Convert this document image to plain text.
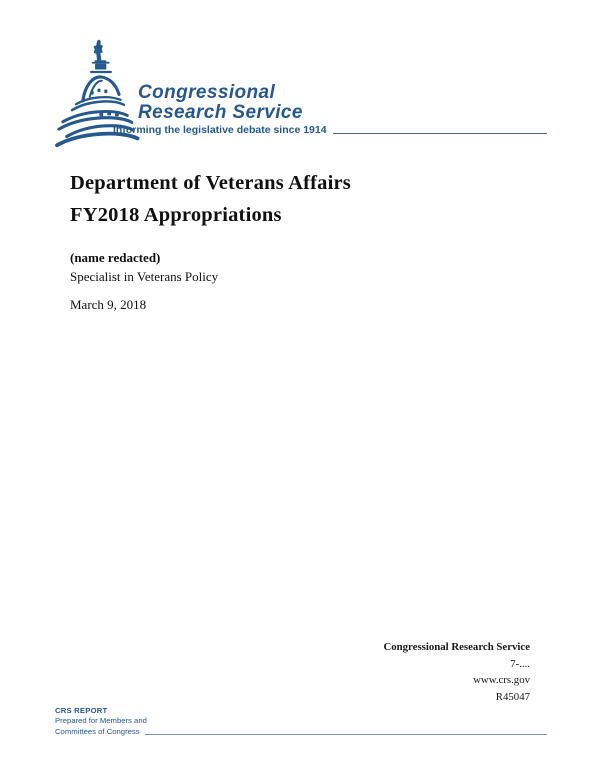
Congressional
Research Service
Informing the legislative debate since 1914
Department of Veterans Affairs
FY2018 Appropriations
(name redacted)
Specialist in Veterans Policy
March 9, 2018
Congressional Research Service
7-....
www.crs.gov
R45047
CRS REPORT
Prepared for Members and
Committees of Congress
